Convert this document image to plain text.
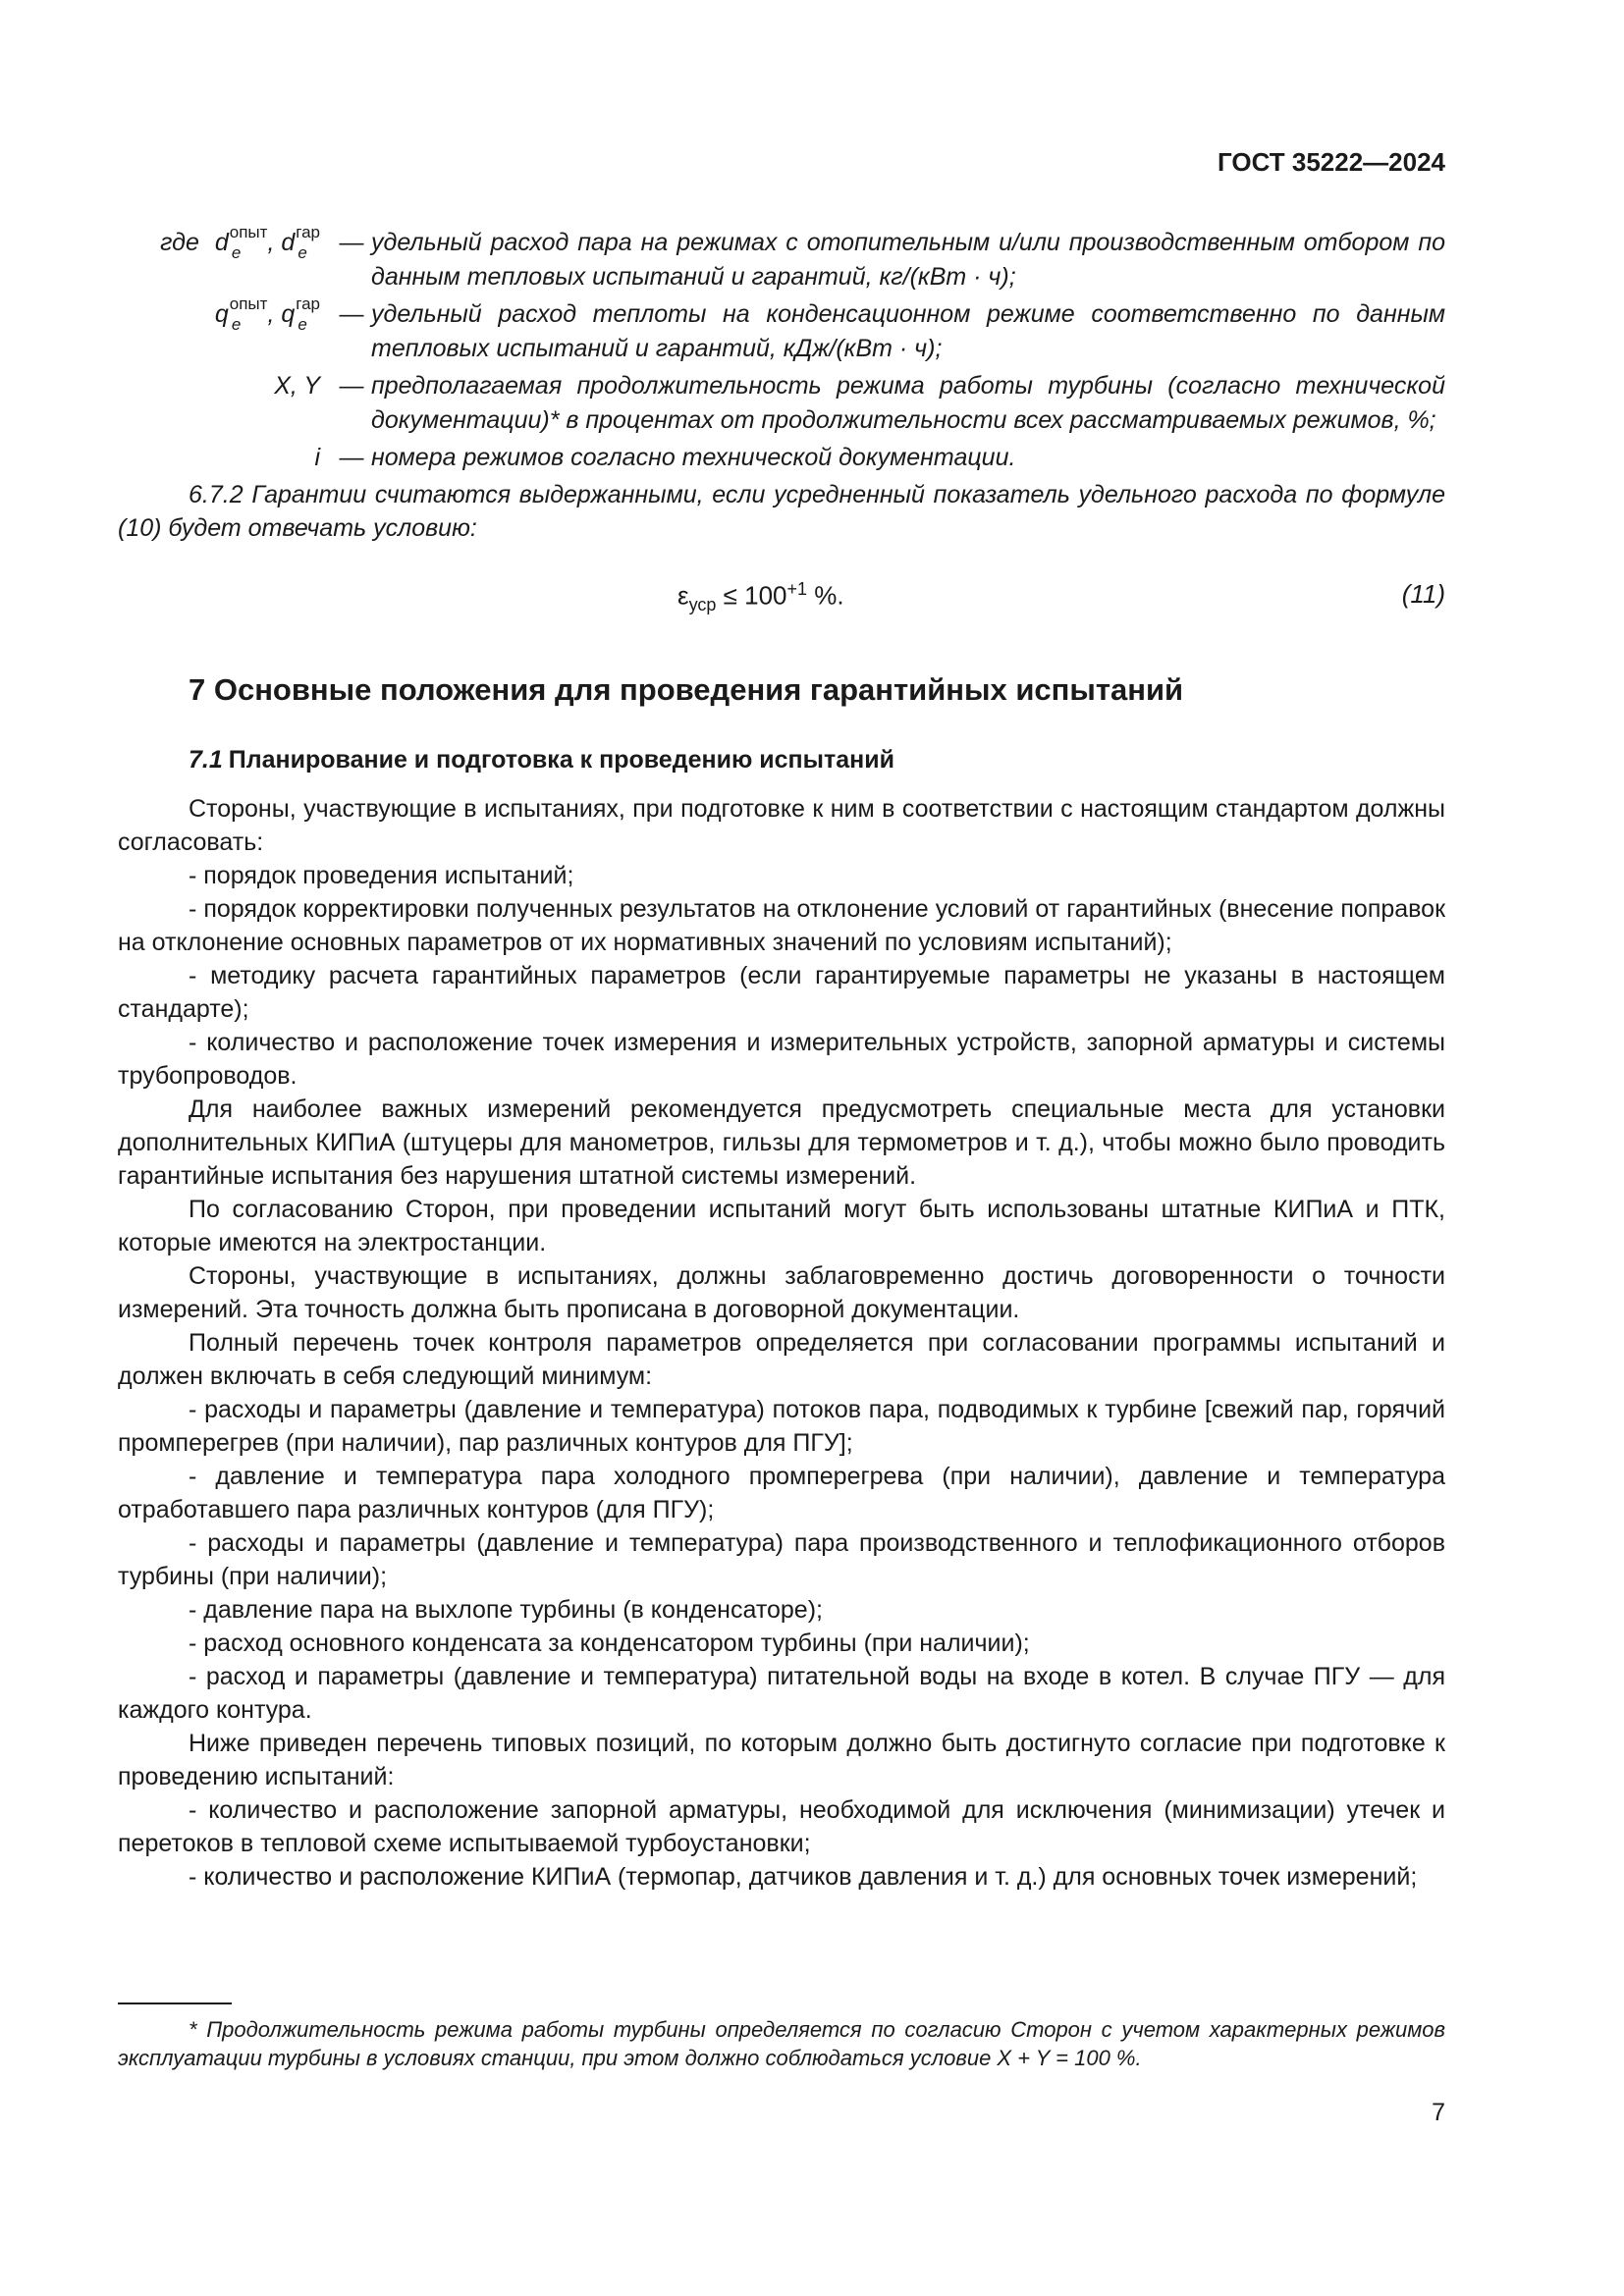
ГОСТ 35222—2024
где d e
$^{опыт}$, d e
$^{гар}$ — удельный расход пара на режимах с отопительным и/или производственным отбором по данным тепловых испытаний и гарантий, кг/(кВт · ч);
q e
$^{опыт}$, q e
$^{гар}$ — удельный расход теплоты на конденсационном режиме соответственно по данным тепловых испытаний и гарантий, кДж/(кВт · ч);
X, Y — предполагаемая продолжительность режима работы турбины (согласно технической документации)* в процентах от продолжительности всех рассматриваемых режимов, %;
i — номера режимов согласно технической документации.

6.7.2 Гарантии считаются выдержанными, если усредненный показатель удельного расхода по формуле (10) будет отвечать условию:

$\varepsilon_{уср} \le 100^{+1}$ %.	(11)
7 Основные положения для проведения гарантийных испытаний
7.1 Планирование и подготовка к проведению испытаний

Стороны, участвующие в испытаниях, при подготовке к ним в соответствии с настоящим стандартом должны согласовать:

- порядок проведения испытаний;

- порядок корректировки полученных результатов на отклонение условий от гарантийных (внесение поправок на отклонение основных параметров от их нормативных значений по условиям испытаний);

- методику расчета гарантийных параметров (если гарантируемые параметры не указаны в настоящем стандарте);

- количество и расположение точек измерения и измерительных устройств, запорной арматуры и системы трубопроводов.

Для наиболее важных измерений рекомендуется предусмотреть специальные места для установки дополнительных КИПиА (штуцеры для манометров, гильзы для термометров и т. д.), чтобы можно было проводить гарантийные испытания без нарушения штатной системы измерений.

По согласованию Сторон, при проведении испытаний могут быть использованы штатные КИПиА и ПТК, которые имеются на электростанции.

Стороны, участвующие в испытаниях, должны заблаговременно достичь договоренности о точности измерений. Эта точность должна быть прописана в договорной документации.

Полный перечень точек контроля параметров определяется при согласовании программы испытаний и должен включать в себя следующий минимум:

- расходы и параметры (давление и температура) потоков пара, подводимых к турбине [свежий пар, горячий промперегрев (при наличии), пар различных контуров для ПГУ];

- давление и температура пара холодного промперегрева (при наличии), давление и температура отработавшего пара различных контуров (для ПГУ);

- расходы и параметры (давление и температура) пара производственного и теплофикационного отборов турбины (при наличии);

- давление пара на выхлопе турбины (в конденсаторе);

- расход основного конденсата за конденсатором турбины (при наличии);

- расход и параметры (давление и температура) питательной воды на входе в котел. В случае ПГУ — для каждого контура.

Ниже приведен перечень типовых позиций, по которым должно быть достигнуто согласие при подготовке к проведению испытаний:

- количество и расположение запорной арматуры, необходимой для исключения (минимизации) утечек и перетоков в тепловой схеме испытываемой турбоустановки;

- количество и расположение КИПиА (термопар, датчиков давления и т. д.) для основных точек измерений;

* Продолжительность режима работы турбины определяется по согласию Сторон с учетом характерных режимов эксплуатации турбины в условиях станции, при этом должно соблюдаться условие X + Y = 100 %.

7
